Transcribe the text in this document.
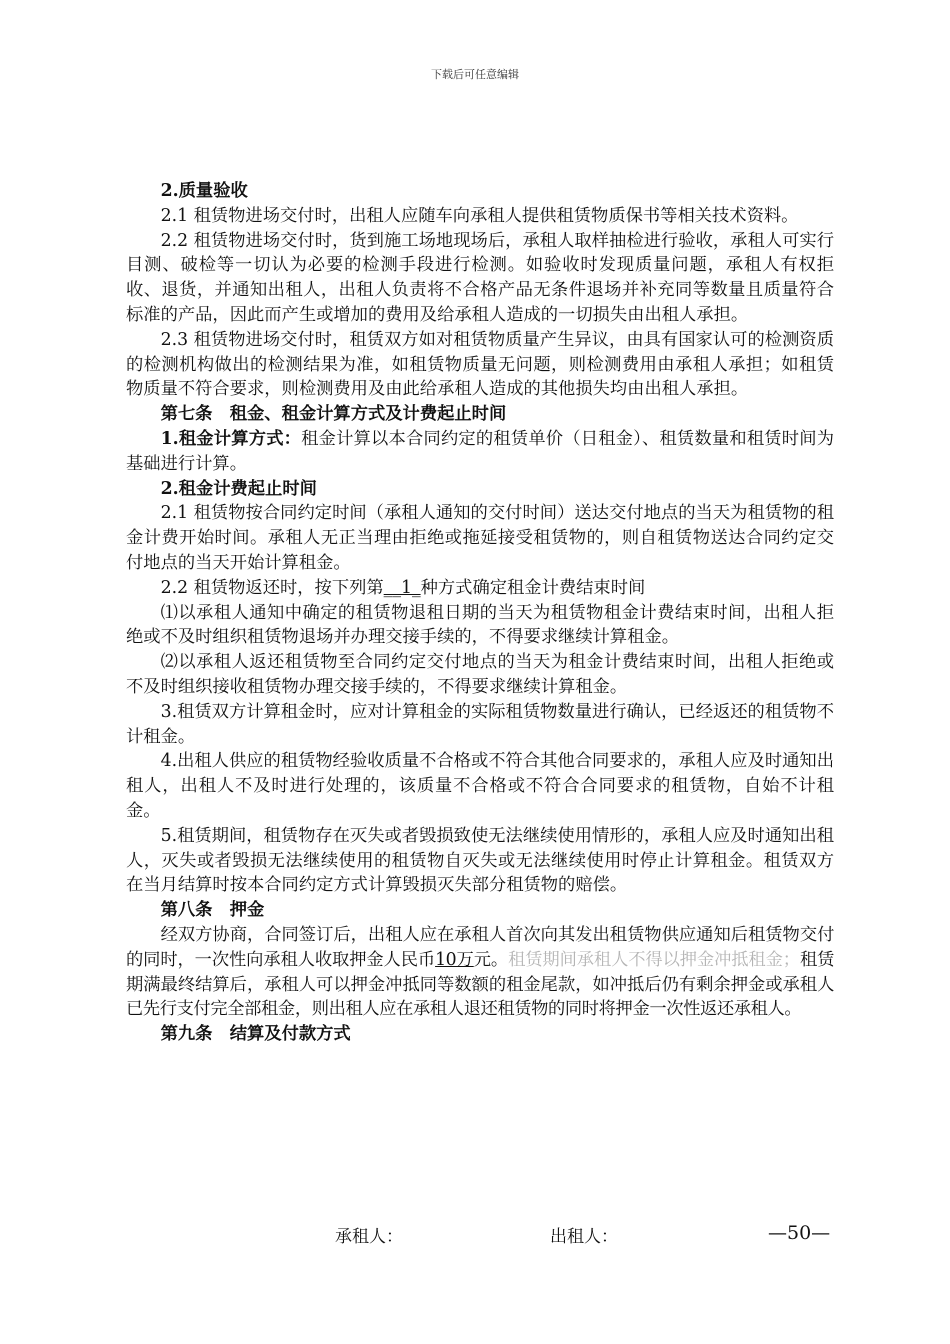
下载后可任意编辑

2.质量验收

2.1 租赁物进场交付时，出租人应随车向承租人提供租赁物质保书等相关技术资料。

2.2 租赁物进场交付时，货到施工场地现场后，承租人取样抽检进行验收，承租人可实行目测、破检等一切认为必要的检测手段进行检测。如验收时发现质量问题，承租人有权拒收、退货，并通知出租人，出租人负责将不合格产品无条件退场并补充同等数量且质量符合标准的产品，因此而产生或增加的费用及给承租人造成的一切损失由出租人承担。

2.3 租赁物进场交付时，租赁双方如对租赁物质量产生异议，由具有国家认可的检测资质的检测机构做出的检测结果为准，如租赁物质量无问题，则检测费用由承租人承担；如租赁物质量不符合要求，则检测费用及由此给承租人造成的其他损失均由出租人承担。

第七条　租金、租金计算方式及计费起止时间

1.租金计算方式：租金计算以本合同约定的租赁单价（日租金）、租赁数量和租赁时间为基础进行计算。

2.租金计费起止时间

2.1 租赁物按合同约定时间（承租人通知的交付时间）送达交付地点的当天为租赁物的租金计费开始时间。承租人无正当理由拒绝或拖延接受租赁物的，则自租赁物送达合同约定交付地点的当天开始计算租金。

2.2 租赁物返还时，按下列第__1_种方式确定租金计费结束时间

⑴以承租人通知中确定的租赁物退租日期的当天为租赁物租金计费结束时间，出租人拒绝或不及时组织租赁物退场并办理交接手续的，不得要求继续计算租金。

⑵以承租人返还租赁物至合同约定交付地点的当天为租金计费结束时间，出租人拒绝或不及时组织接收租赁物办理交接手续的，不得要求继续计算租金。

3.租赁双方计算租金时，应对计算租金的实际租赁物数量进行确认，已经返还的租赁物不计租金。

4.出租人供应的租赁物经验收质量不合格或不符合其他合同要求的，承租人应及时通知出租人，出租人不及时进行处理的，该质量不合格或不符合合同要求的租赁物，自始不计租金。

5.租赁期间，租赁物存在灭失或者毁损致使无法继续使用情形的，承租人应及时通知出租人，灭失或者毁损无法继续使用的租赁物自灭失或无法继续使用时停止计算租金。租赁双方在当月结算时按本合同约定方式计算毁损灭失部分租赁物的赔偿。

第八条　押金

经双方协商，合同签订后，出租人应在承租人首次向其发出租赁物供应通知后租赁物交付的同时，一次性向承租人收取押金人民币10万元。租赁期间承租人不得以押金冲抵租金；租赁期满最终结算后，承租人可以押金冲抵同等数额的租金尾款，如冲抵后仍有剩余押金或承租人已先行支付完全部租金，则出租人应在承租人退还租赁物的同时将押金一次性返还承租人。

第九条　结算及付款方式

承租人：	出租人：	—50—
